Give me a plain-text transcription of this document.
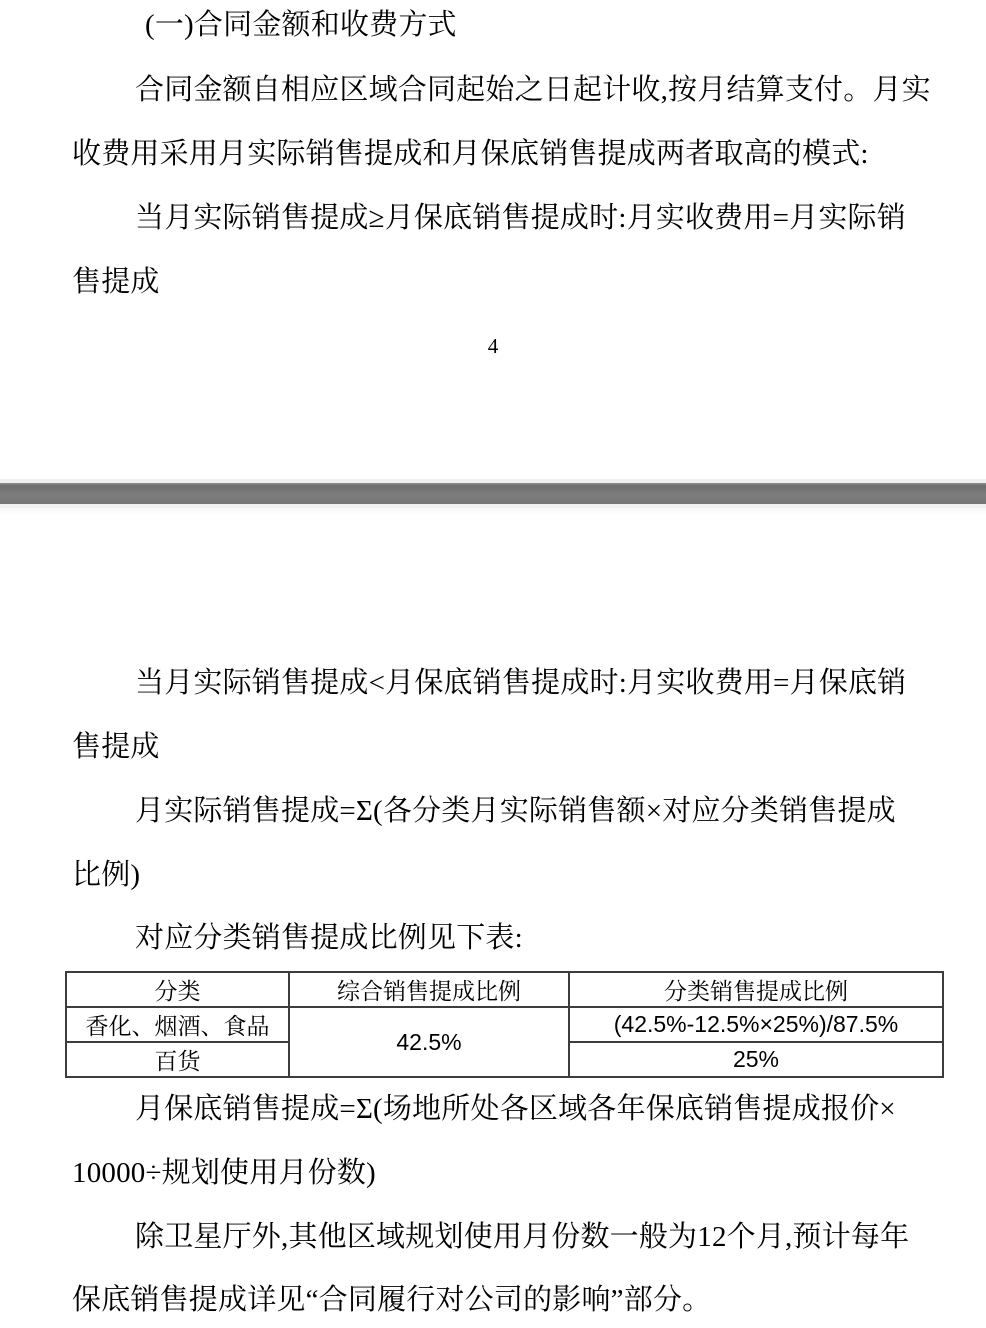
(一)合同金额和收费方式
合同金额自相应区域合同起始之日起计收,按月结算支付。月实
收费用采用月实际销售提成和月保底销售提成两者取高的模式:
当月实际销售提成≥月保底销售提成时:月实收费用=月实际销
售提成
4
当月实际销售提成<月保底销售提成时:月实收费用=月保底销
售提成
月实际销售提成=Σ(各分类月实际销售额×对应分类销售提成
比例)
对应分类销售提成比例见下表:
分类	综合销售提成比例	分类销售提成比例
香化、烟酒、食品	42.5%	(42.5%-12.5%×25%)/87.5%
百货		25%
月保底销售提成=Σ(场地所处各区域各年保底销售提成报价×
10000÷规划使用月份数)
除卫星厅外,其他区域规划使用月份数一般为12个月,预计每年
保底销售提成详见“合同履行对公司的影响”部分。
